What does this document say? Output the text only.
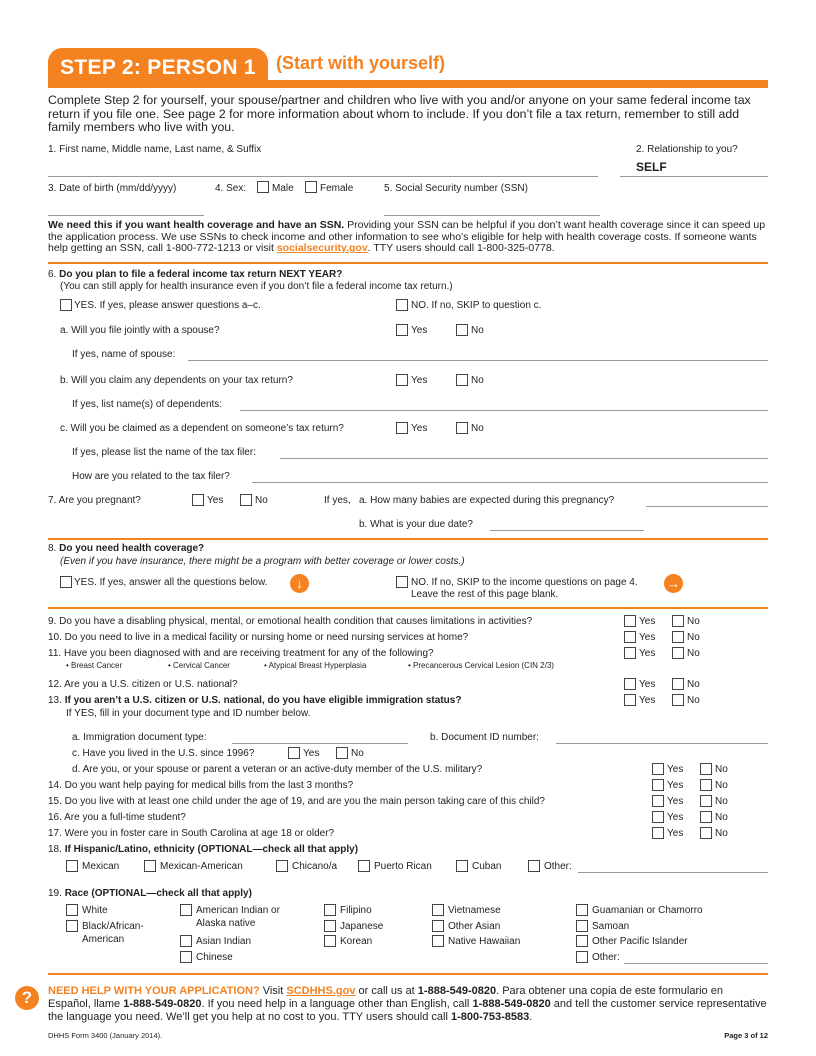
STEP 2: PERSON 1	(Start with yourself)
Complete Step 2 for yourself, your spouse/partner and children who live with you and/or anyone on your same federal income tax return if you file one. See page 2 for more information about whom to include. If you don’t file a tax return, remember to still add family members who live with you.
1. First name, Middle name, Last name, & Suffix	2. Relationship to you?
SELF
3. Date of birth (mm/dd/yyyy)	4. Sex:	Male	Female	5. Social Security number (SSN)
We need this if you want health coverage and have an SSN. Providing your SSN can be helpful if you don’t want health coverage since it can speed up the application process. We use SSNs to check income and other information to see who’s eligible for help with health coverage costs. If someone wants help getting an SSN, call 1-800-772-1213 or visit socialsecurity.gov. TTY users should call 1-800-325-0778.
6. Do you plan to file a federal income tax return NEXT YEAR?
(You can still apply for health insurance even if you don’t file a federal income tax return.)
YES. If yes, please answer questions a–c.	NO. If no, SKIP to question c.
a. Will you file jointly with a spouse?	Yes	No
If yes, name of spouse:
b. Will you claim any dependents on your tax return?	Yes	No
If yes, list name(s) of dependents:
c. Will you be claimed as a dependent on someone’s tax return?	Yes	No
If yes, please list the name of the tax filer:
How are you related to the tax filer?
7. Are you pregnant?	Yes	No	If yes, a. How many babies are expected during this pregnancy?
b. What is your due date?
8. Do you need health coverage?
(Even if you have insurance, there might be a program with better coverage or lower costs.)
YES. If yes, answer all the questions below.	↓	NO. If no, SKIP to the income questions on page 4.
Leave the rest of this page blank.
→
9. Do you have a disabling physical, mental, or emotional health condition that causes limitations in activities?	Yes	No
10. Do you need to live in a medical facility or nursing home or need nursing services at home?	Yes	No
11. Have you been diagnosed with and are receiving treatment for any of the following?	Yes	No
• Breast Cancer	• Cervical Cancer	• Atypical Breast Hyperplasia	• Precancerous Cervical Lesion (CIN 2/3)
12. Are you a U.S. citizen or U.S. national?	Yes	No
13. If you aren’t a U.S. citizen or U.S. national, do you have eligible immigration status?	Yes	No
If YES, fill in your document type and ID number below.
a. Immigration document type:	b. Document ID number:
c. Have you lived in the U.S. since 1996?	Yes	No
d. Are you, or your spouse or parent a veteran or an active-duty member of the U.S. military?	Yes	No
14. Do you want help paying for medical bills from the last 3 months?	Yes	No
15. Do you live with at least one child under the age of 19, and are you the main person taking care of this child?	Yes	No
16. Are you a full-time student?	Yes	No
17. Were you in foster care in South Carolina at age 18 or older?	Yes	No
18. If Hispanic/Latino, ethnicity (OPTIONAL—check all that apply)
Mexican	Mexican-American	Chicano/a	Puerto Rican	Cuban	Other:
19. Race (OPTIONAL—check all that apply)
White
Black/African-
American
American Indian or
Alaska native
Asian Indian
Chinese
Filipino
Japanese
Korean
Vietnamese
Other Asian
Native Hawaiian
Guamanian or Chamorro
Samoan
Other Pacific Islander
Other:
?	NEED HELP WITH YOUR APPLICATION? Visit SCDHHS.gov or call us at 1-888-549-0820. Para obtener una copia de este formulario en Español, llame 1-888-549-0820. If you need help in a language other than English, call 1-888-549-0820 and tell the customer service representative the language you need. We’ll get you help at no cost to you. TTY users should call 1-800-753-8583.
DHHS Form 3400 (January 2014).	Page 3 of 12
